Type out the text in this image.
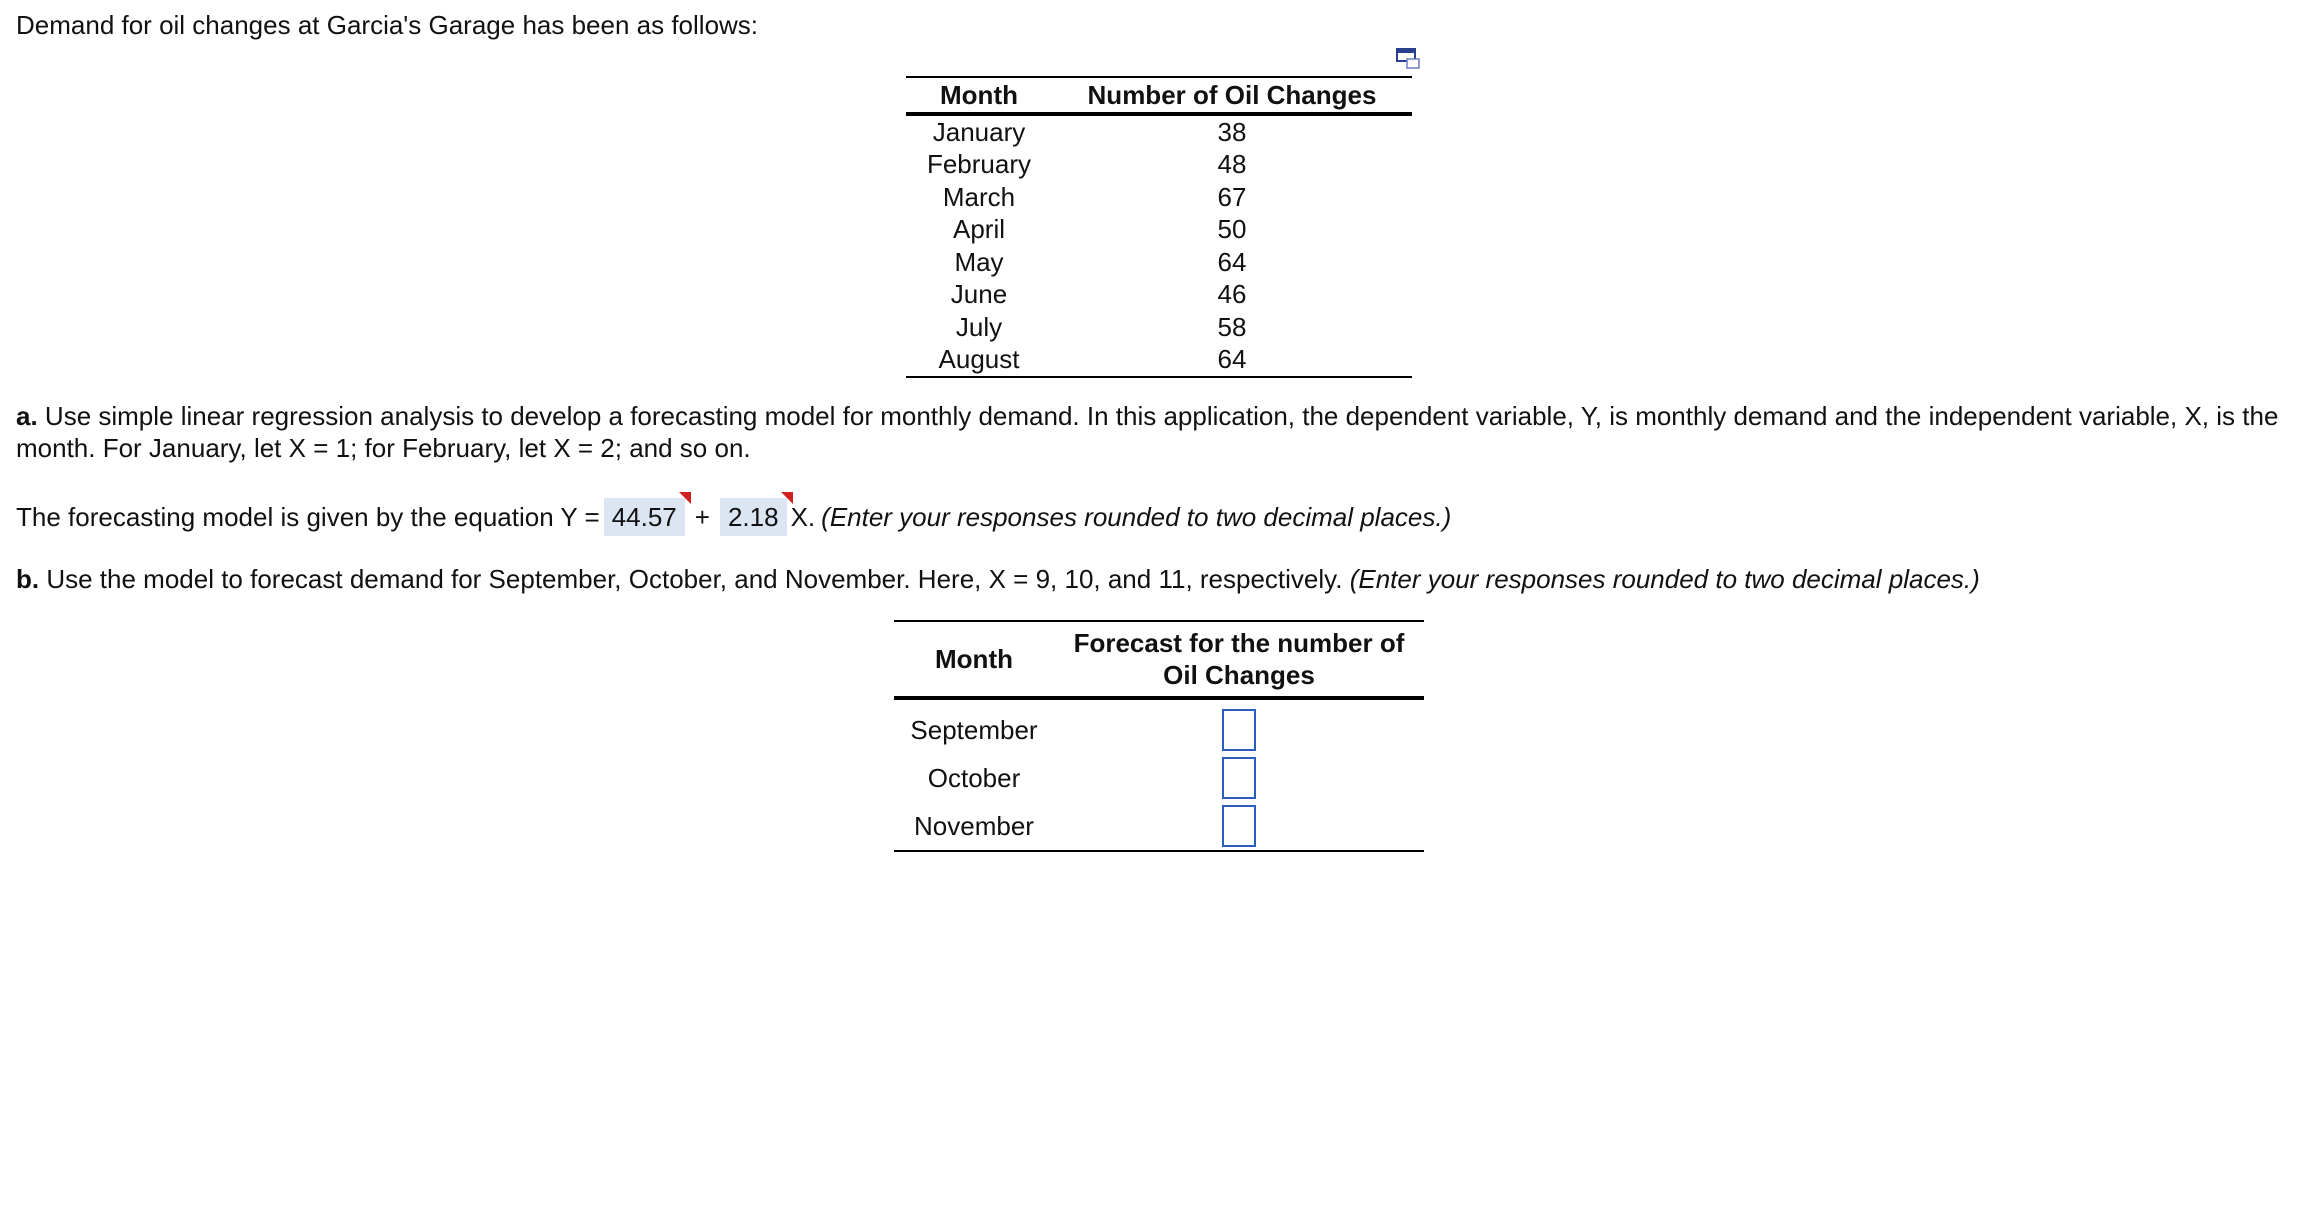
Demand for oil changes at Garcia's Garage has been as follows:
Month	Number of Oil Changes
January	38
February	48
March	67
April	50
May	64
June	46
July	58
August	64
a. Use simple linear regression analysis to develop a forecasting model for monthly demand. In this application, the dependent variable, Y, is monthly demand and the independent variable, X, is the month. For January, let X = 1; for February, let X = 2; and so on.
The forecasting model is given by the equation Y = 44.57 + 2.18 X. (Enter your responses rounded to two decimal places.)
b. Use the model to forecast demand for September, October, and November. Here, X = 9, 10, and 11, respectively. (Enter your responses rounded to two decimal places.)
Month	Forecast for the number of Oil Changes
September	
October	
November	
